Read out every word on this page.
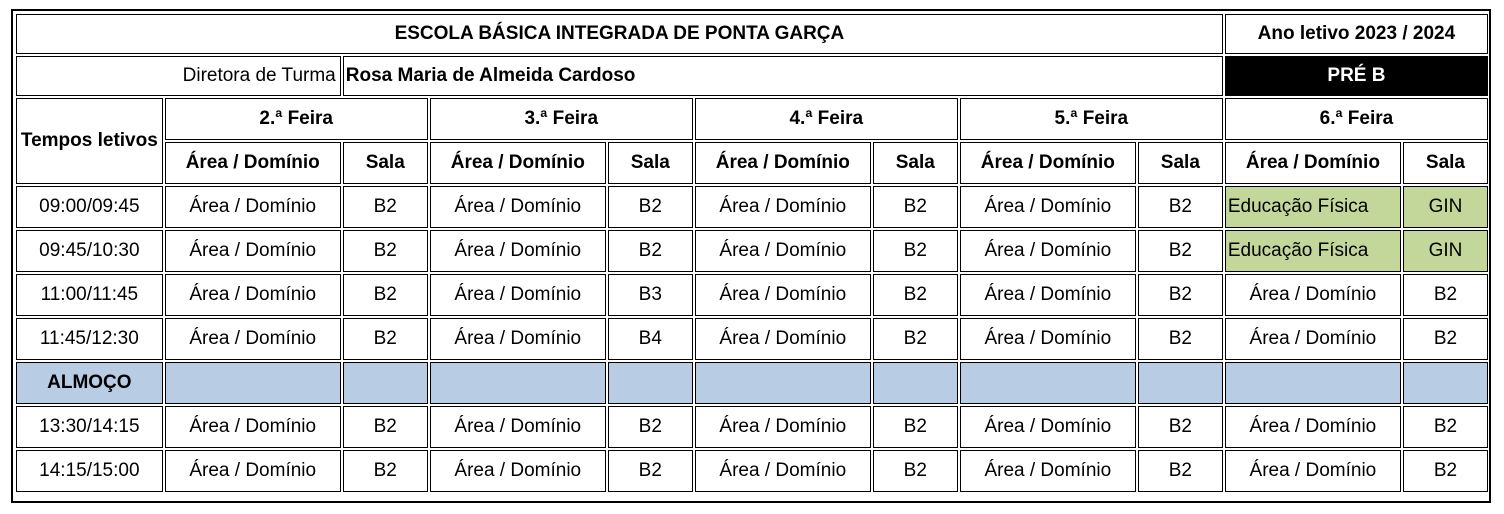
ESCOLA BÁSICA INTEGRADA DE PONTA GARÇA									Ano letivo 2023 / 2024	
Diretora de Turma		Rosa Maria de Almeida Cardoso							PRÉ B	
Tempos letivos	2.ª Feira		3.ª Feira		4.ª Feira		5.ª Feira		6.ª Feira	
	Área / Domínio	Sala	Área / Domínio	Sala	Área / Domínio	Sala	Área / Domínio	Sala	Área / Domínio	Sala
09:00/09:45	Área / Domínio	B2	Área / Domínio	B2	Área / Domínio	B2	Área / Domínio	B2	Educação Física	GIN
09:45/10:30	Área / Domínio	B2	Área / Domínio	B2	Área / Domínio	B2	Área / Domínio	B2	Educação Física	GIN
11:00/11:45	Área / Domínio	B2	Área / Domínio	B3	Área / Domínio	B2	Área / Domínio	B2	Área / Domínio	B2
11:45/12:30	Área / Domínio	B2	Área / Domínio	B4	Área / Domínio	B2	Área / Domínio	B2	Área / Domínio	B2
ALMOÇO										
13:30/14:15	Área / Domínio	B2	Área / Domínio	B2	Área / Domínio	B2	Área / Domínio	B2	Área / Domínio	B2
14:15/15:00	Área / Domínio	B2	Área / Domínio	B2	Área / Domínio	B2	Área / Domínio	B2	Área / Domínio	B2
